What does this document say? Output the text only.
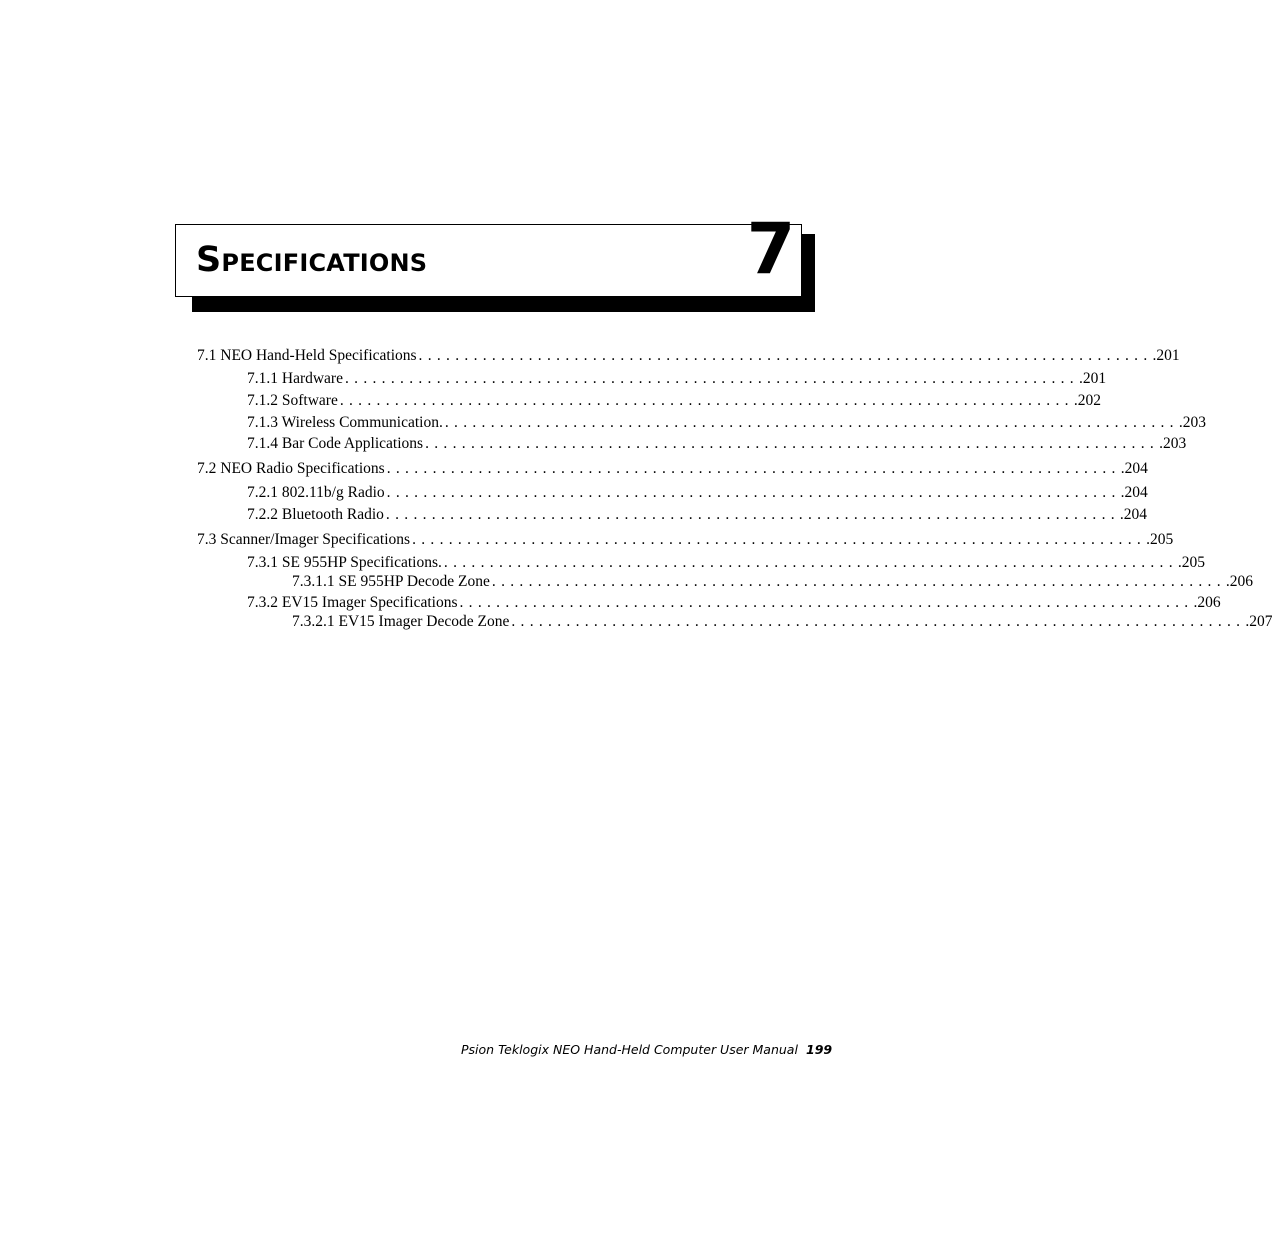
SPECIFICATIONS	7
7.1 NEO Hand-Held Specifications ................................................................................ .201
7.1.1 Hardware ................................................................................ .201
7.1.2 Software ................................................................................ .202
7.1.3 Wireless Communication. ................................................................................ .203
7.1.4 Bar Code Applications ................................................................................ .203
7.2 NEO Radio Specifications ................................................................................ .204
7.2.1 802.11b/g Radio ................................................................................ .204
7.2.2 Bluetooth Radio ................................................................................ .204
7.3 Scanner/Imager Specifications ................................................................................ .205
7.3.1 SE 955HP Specifications. ................................................................................ .205
7.3.1.1 SE 955HP Decode Zone ................................................................................ .206
7.3.2 EV15 Imager Specifications ................................................................................ .206
7.3.2.1 EV15 Imager Decode Zone ................................................................................ .207
Psion Teklogix NEO Hand-Held Computer User Manual 199
